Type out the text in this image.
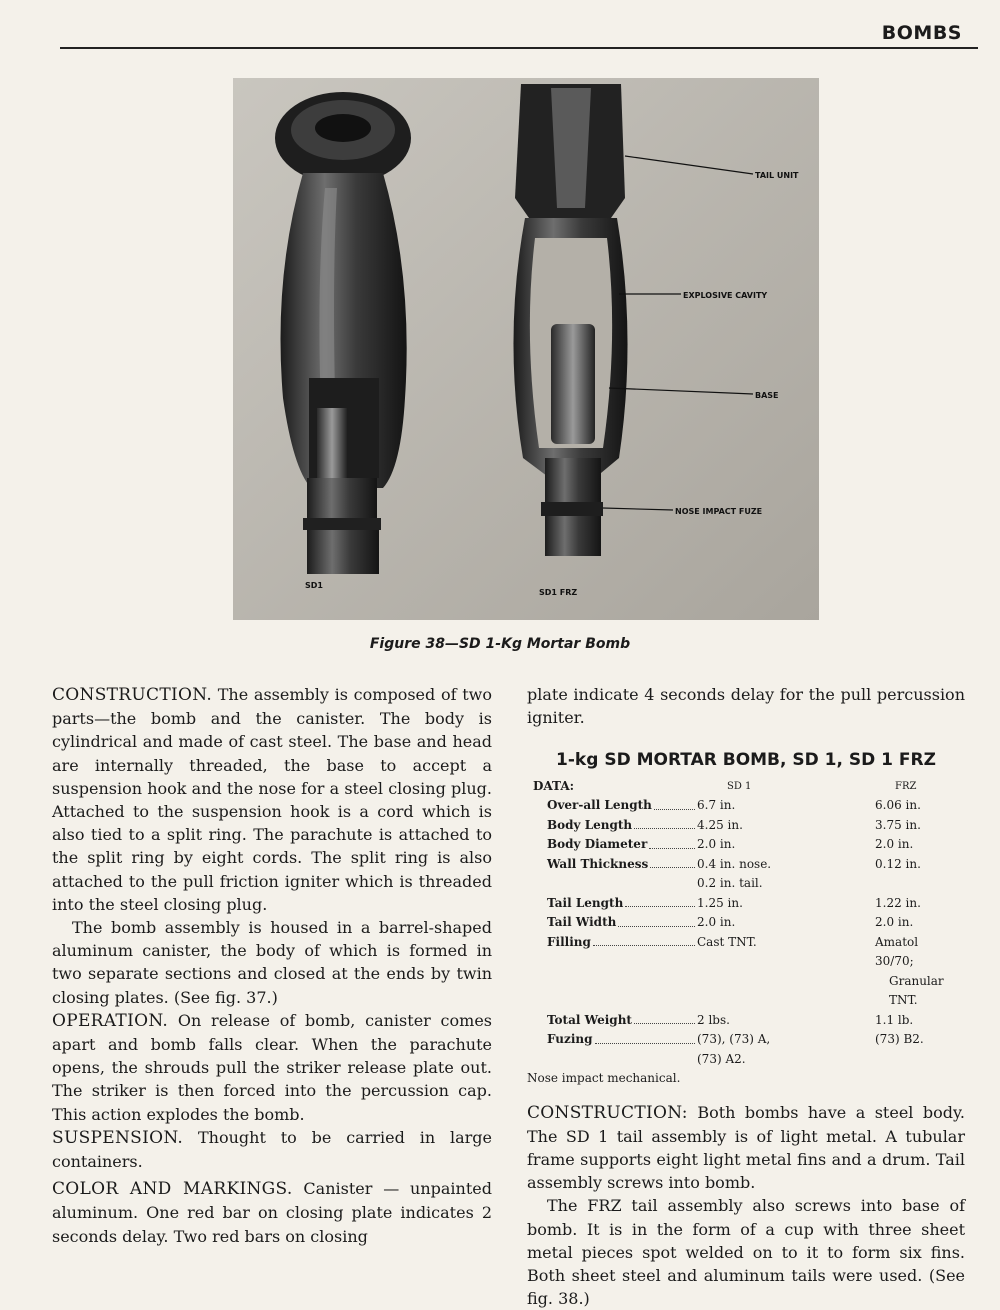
BOMBS
TAIL UNIT
EXPLOSIVE CAVITY
BASE
NOSE IMPACT FUZE
SD1
SD1 FRZ
Figure 38—SD 1-Kg Mortar Bomb

CONSTRUCTION. The assembly is composed of two parts—the bomb and the canister. The body is cylindrical and made of cast steel. The base and head are internally threaded, the base to accept a suspension hook and the nose for a steel closing plug. Attached to the suspension hook is a cord which is also tied to a split ring. The parachute is attached to the split ring by eight cords. The split ring is also attached to the pull friction igniter which is threaded into the steel closing plug.

The bomb assembly is housed in a barrel-shaped aluminum canister, the body of which is formed in two separate sections and closed at the ends by twin closing plates. (See fig. 37.)

OPERATION. On release of bomb, canister comes apart and bomb falls clear. When the parachute opens, the shrouds pull the striker release plate out. The striker is then forced into the percussion cap. This action explodes the bomb.

SUSPENSION. Thought to be carried in large containers.

COLOR AND MARKINGS. Canister — unpainted aluminum. One red bar on closing plate indicates 2 seconds delay. Two red bars on closing

plate indicate 4 seconds delay for the pull percussion igniter.

1-kg SD MORTAR BOMB, SD 1, SD 1 FRZ
DATA:	SD 1	FRZ

Over-all Length	6.7 in.	6.06 in.

Body Length	4.25 in.	3.75 in.

Body Diameter	2.0 in.	2.0 in.

Wall Thickness	0.4 in. nose.	0.12 in.
	0.2 in. tail.	

Tail Length	1.25 in.	1.22 in.

Tail Width	2.0 in.	2.0 in.

Filling	Cast TNT.	Amatol 30/70;
		Granular TNT.

Total Weight	2 lbs.	1.1 lb.

Fuzing	(73), (73) A,	(73) B2.
	(73) A2.	
Nose impact mechanical.		

CONSTRUCTION: Both bombs have a steel body. The SD 1 tail assembly is of light metal. A tubular frame supports eight light metal fins and a drum. Tail assembly screws into bomb.

The FRZ tail assembly also screws into base of bomb. It is in the form of a cup with three sheet metal pieces spot welded on to it to form six fins. Both sheet steel and aluminum tails were used. (See fig. 38.)
